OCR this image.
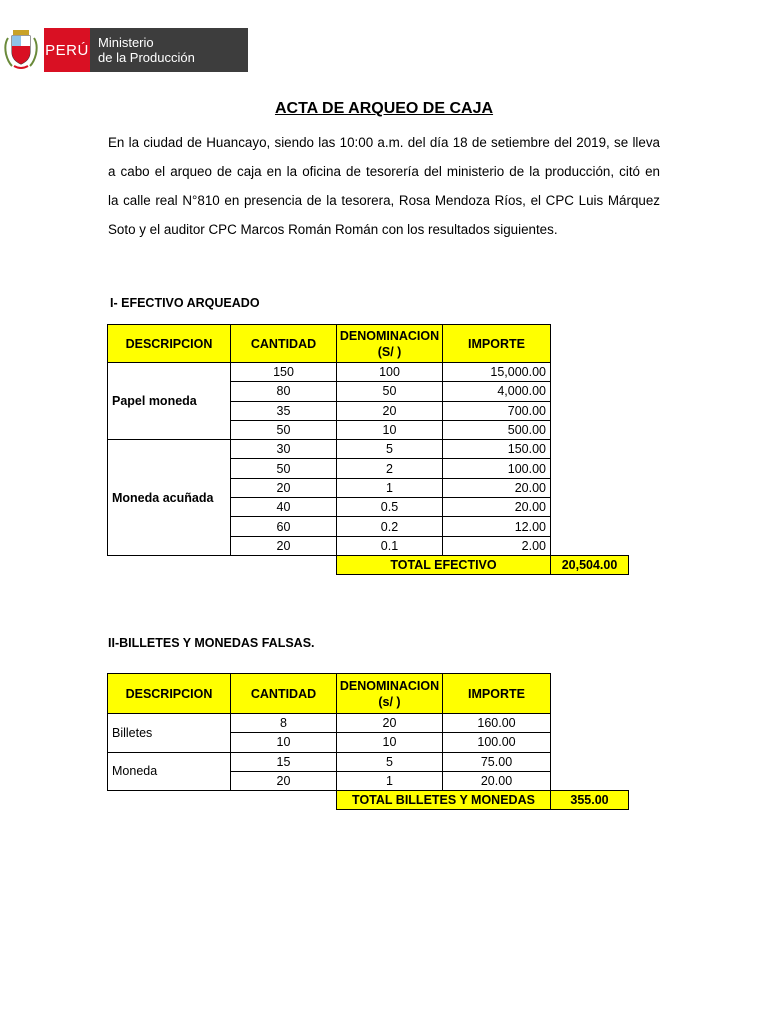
PERÚ Ministerio
de la Producción
ACTA DE ARQUEO DE CAJA

En la ciudad de Huancayo, siendo las 10:00 a.m. del día 18 de setiembre del 2019, se lleva

a cabo el arqueo de caja en la oficina de tesorería del ministerio de la producción, citó en

la calle real N°810 en presencia de la tesorera, Rosa Mendoza Ríos, el CPC Luis Márquez

Soto y el auditor CPC Marcos Román Román con los resultados siguientes.

I- EFECTIVO ARQUEADO
DESCRIPCION	CANTIDAD	DENOMINACION
(S/ )	IMPORTE	
Papel moneda	150	100	15,000.00	
	80	50	4,000.00	
	35	20	700.00	
	50	10	500.00	
Moneda acuñada	30	5	150.00	
	50	2	100.00	
	20	1	20.00	
	40	0.5	20.00	
	60	0.2	12.00	
	20	0.1	2.00	
		TOTAL EFECTIVO		20,504.00
II-BILLETES Y MONEDAS FALSAS.
DESCRIPCION	CANTIDAD	DENOMINACION
(s/ )	IMPORTE	
Billetes	8	20	160.00	
	10	10	100.00	
Moneda	15	5	75.00	
	20	1	20.00	
		TOTAL BILLETES Y MONEDAS		355.00
